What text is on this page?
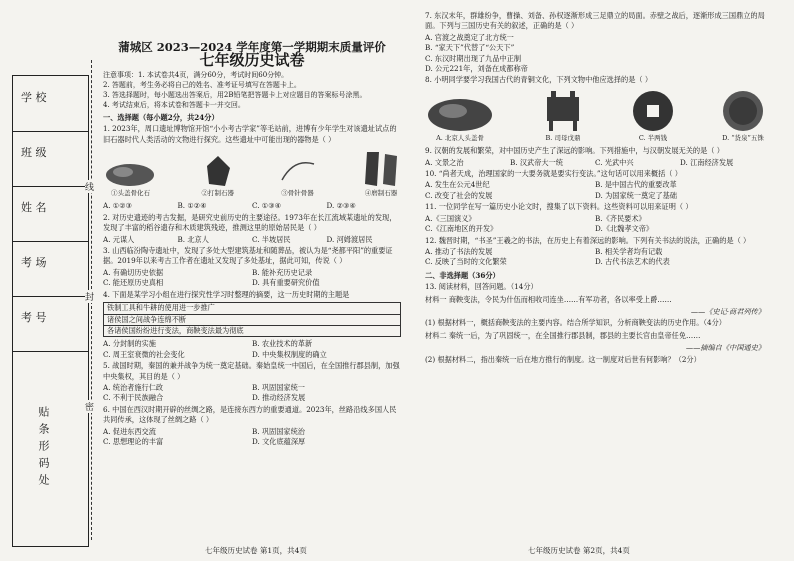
学 校
班 级
姓 名
考 场
考 号
贴条形码处
线
封
密
蒲城区 2023—2024 学年度第一学期期末质量评价
七年级历史试卷
注意事项：1. 本试卷共4页，满分60分，考试时间60分钟。
2. 答题前，考生务必将自己的姓名、准考证号填写在答题卡上。
3. 答选择题时，每小题选出答案后，用2B铅笔把答题卡上对应题目的答案标号涂黑。
4. 考试结束后，将本试卷和答题卡一并交回。
一、选择题（每小题2分，共24分）
1. 2023年，周口遗址博物馆开馆“小小考古学家”等毛站前，进博有少年学生对该遗址试点的旧石器时代人类活动的文物进行探究。这些遗址中可能出现的器物是（ ）
①头盖骨化石	②打制石器	③骨针骨器	④磨制石器
A. ①②③	B. ①②④	C. ①③④	D. ②③④
2. 对历史遗迹的考古发掘，是研究史前历史的主要途径。1973年在长江流域某遗址的发现，发现了丰富的稻谷遗存和木质建筑残迹，推测这里的原始居民是（ ）
A. 元谋人	B. 北京人	C. 半坡居民	D. 河姆渡居民
3. 山西临汾陶寺遗址中，发现了多处大型建筑基址和随葬品，被认为是“尧都平阳”的重要证据。2019年以来考古工作者在遗址又发现了多处基址，据此可知，传说（ ）
A. 有确切历史依据	B. 能补充历史记录
C. 能还原历史真相	D. 具有重要研究价值
4. 下面是某学习小组在进行探究性学习时整理的摘要，这一历史时期的主题是
铁制工具和牛耕的使用进一步推广
诸侯国之间战争连绵不断
各诸侯国纷纷进行变法，商鞅变法最为彻底
A. 分封制的实施	B. 农业技术的革新
C. 周王室衰微的社会变化	D. 中央集权制度的确立
5. 战国时期，秦国的兼并战争为统一奠定基础。秦始皇统一中国后，在全国推行郡县制，加强中央集权，其目的是（ ）
A. 统治者施行仁政	B. 巩固国家统一
C. 不利于民族融合	D. 推动经济发展
6. 中国在西汉时期开辟的丝绸之路，是连接东西方的重要通道。2023年，丝路沿线多国人民共同传承，这体现了丝绸之路（ ）
A. 促进东西交流	B. 巩固国家统治
C. 思想理论的丰富	D. 文化底蕴深厚
7. 东汉末年，群雄纷争，曹操、刘备、孙权逐渐形成三足鼎立的局面。赤壁之战后，逐渐形成三国鼎立的局面。下列与三国历史有关的叙述，正确的是（ ）
A. 官渡之战奠定了北方统一
B. “家天下”代替了“公天下”
C. 东汉时期出现了九品中正制
D. 公元221年，刘备在成都称帝
8. 小明同学要学习我国古代的青铜文化，下列文物中他应选择的是（ ）
A. 北京人头盖骨	B. 司母戊鼎	C. 半两钱	D. “货泉”五铢
9. 汉朝的发展和繁荣，对中国历史产生了深远的影响。下列措施中，与汉朝发展无关的是（ ）
A. 文景之治	B. 汉武帝大一统	C. 光武中兴	D. 江南经济发展
10. “尚者天成，治理国家的一大要务就是要实行变法。”这句话可以用来概括（ ）
A. 发生在公元4世纪	B. 是中国古代的重要改革
C. 改变了社会的发展	D. 为国家统一奠定了基础
11. 一位同学在写一篇历史小论文时，搜集了以下资料。这些资料可以用来证明（ ）
A.《三国演义》	B.《齐民要术》
C.《江南地区的开发》	D.《北魏孝文帝》
12. 魏晋时期，“书圣”王羲之的书法，在历史上有着深远的影响。下列有关书法的说法，正确的是（ ）
A. 推动了书法的发展	B. 相关学者均有记载
C. 反映了当时的文化繁荣	D. 古代书法艺术的代表
二、非选择题（36分）
13. 阅读材料，回答问题。（14分）
材料一 商鞅变法，令民为什伍而相收司连坐……有军功者，各以率受上爵……
——《史记·商君列传》
(1) 根据材料一，概括商鞅变法的主要内容。结合所学知识，分析商鞅变法的历史作用。（4分）
材料二 秦统一后，为了巩固统一，在全国推行郡县制，郡县的主要长官由皇帝任免……
——摘编自《中国通史》
(2) 根据材料二，指出秦统一后在地方推行的制度。这一制度对后世有何影响？（2分）
七年级历史试卷 第1页，共4页	七年级历史试卷 第2页，共4页
